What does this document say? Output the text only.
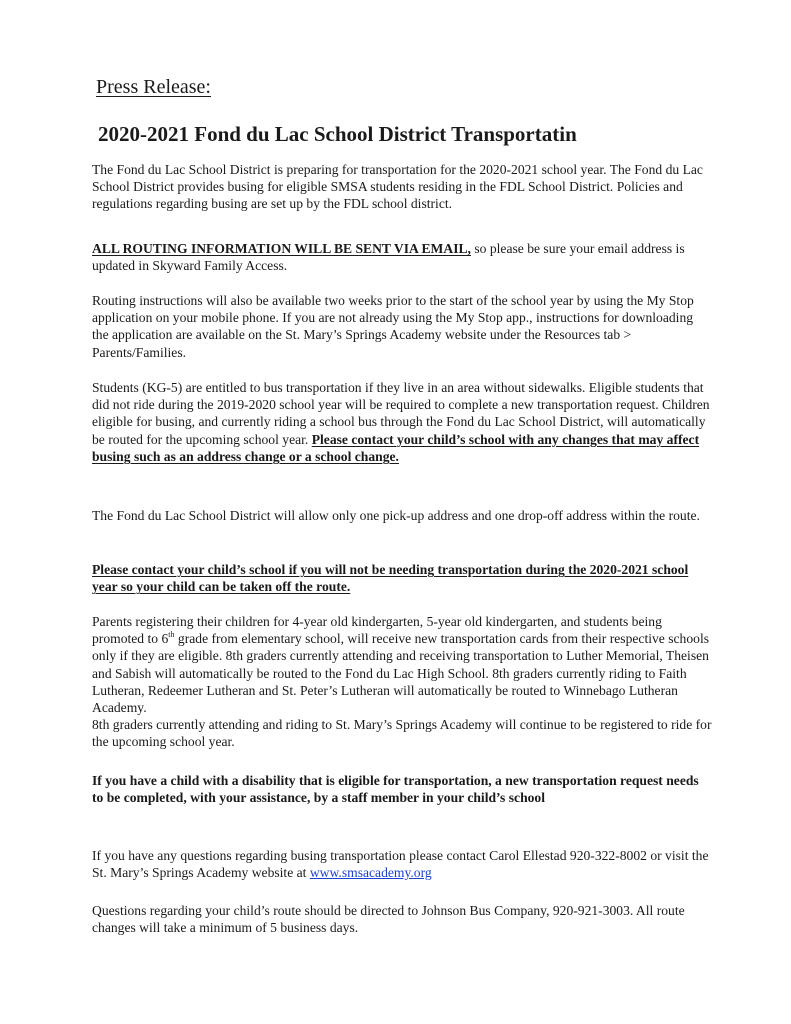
Press Release:
2020-2021 Fond du Lac School District Transportatin

The Fond du Lac School District is preparing for transportation for the 2020-2021 school year. The Fond du Lac School District provides busing for eligible SMSA students residing in the FDL School District. Policies and regulations regarding busing are set up by the FDL school district.

ALL ROUTING INFORMATION WILL BE SENT VIA EMAIL, so please be sure your email address is updated in Skyward Family Access.

Routing instructions will also be available two weeks prior to the start of the school year by using the My Stop application on your mobile phone. If you are not already using the My Stop app., instructions for downloading the application are available on the St. Mary’s Springs Academy website under the Resources tab > Parents/Families.

Students (KG-5) are entitled to bus transportation if they live in an area without sidewalks. Eligible students that did not ride during the 2019-2020 school year will be required to complete a new transportation request. Children eligible for busing, and currently riding a school bus through the Fond du Lac School District, will automatically be routed for the upcoming school year. Please contact your child’s school with any changes that may affect busing such as an address change or a school change.

The Fond du Lac School District will allow only one pick-up address and one drop-off address within the route.

Please contact your child’s school if you will not be needing transportation during the 2020-2021 school year so your child can be taken off the route.

Parents registering their children for 4-year old kindergarten, 5-year old kindergarten, and students being promoted to 6th grade from elementary school, will receive new transportation cards from their respective schools only if they are eligible. 8th graders currently attending and receiving transportation to Luther Memorial, Theisen and Sabish will automatically be routed to the Fond du Lac High School. 8th graders currently riding to Faith Lutheran, Redeemer Lutheran and St. Peter’s Lutheran will automatically be routed to Winnebago Lutheran Academy.
8th graders currently attending and riding to St. Mary’s Springs Academy will continue to be registered to ride for the upcoming school year.

If you have a child with a disability that is eligible for transportation, a new transportation request needs to be completed, with your assistance, by a staff member in your child’s school

If you have any questions regarding busing transportation please contact Carol Ellestad 920-322-8002 or visit the St. Mary’s Springs Academy website at www.smsacademy.org

Questions regarding your child’s route should be directed to Johnson Bus Company, 920-921-3003. All route changes will take a minimum of 5 business days.
